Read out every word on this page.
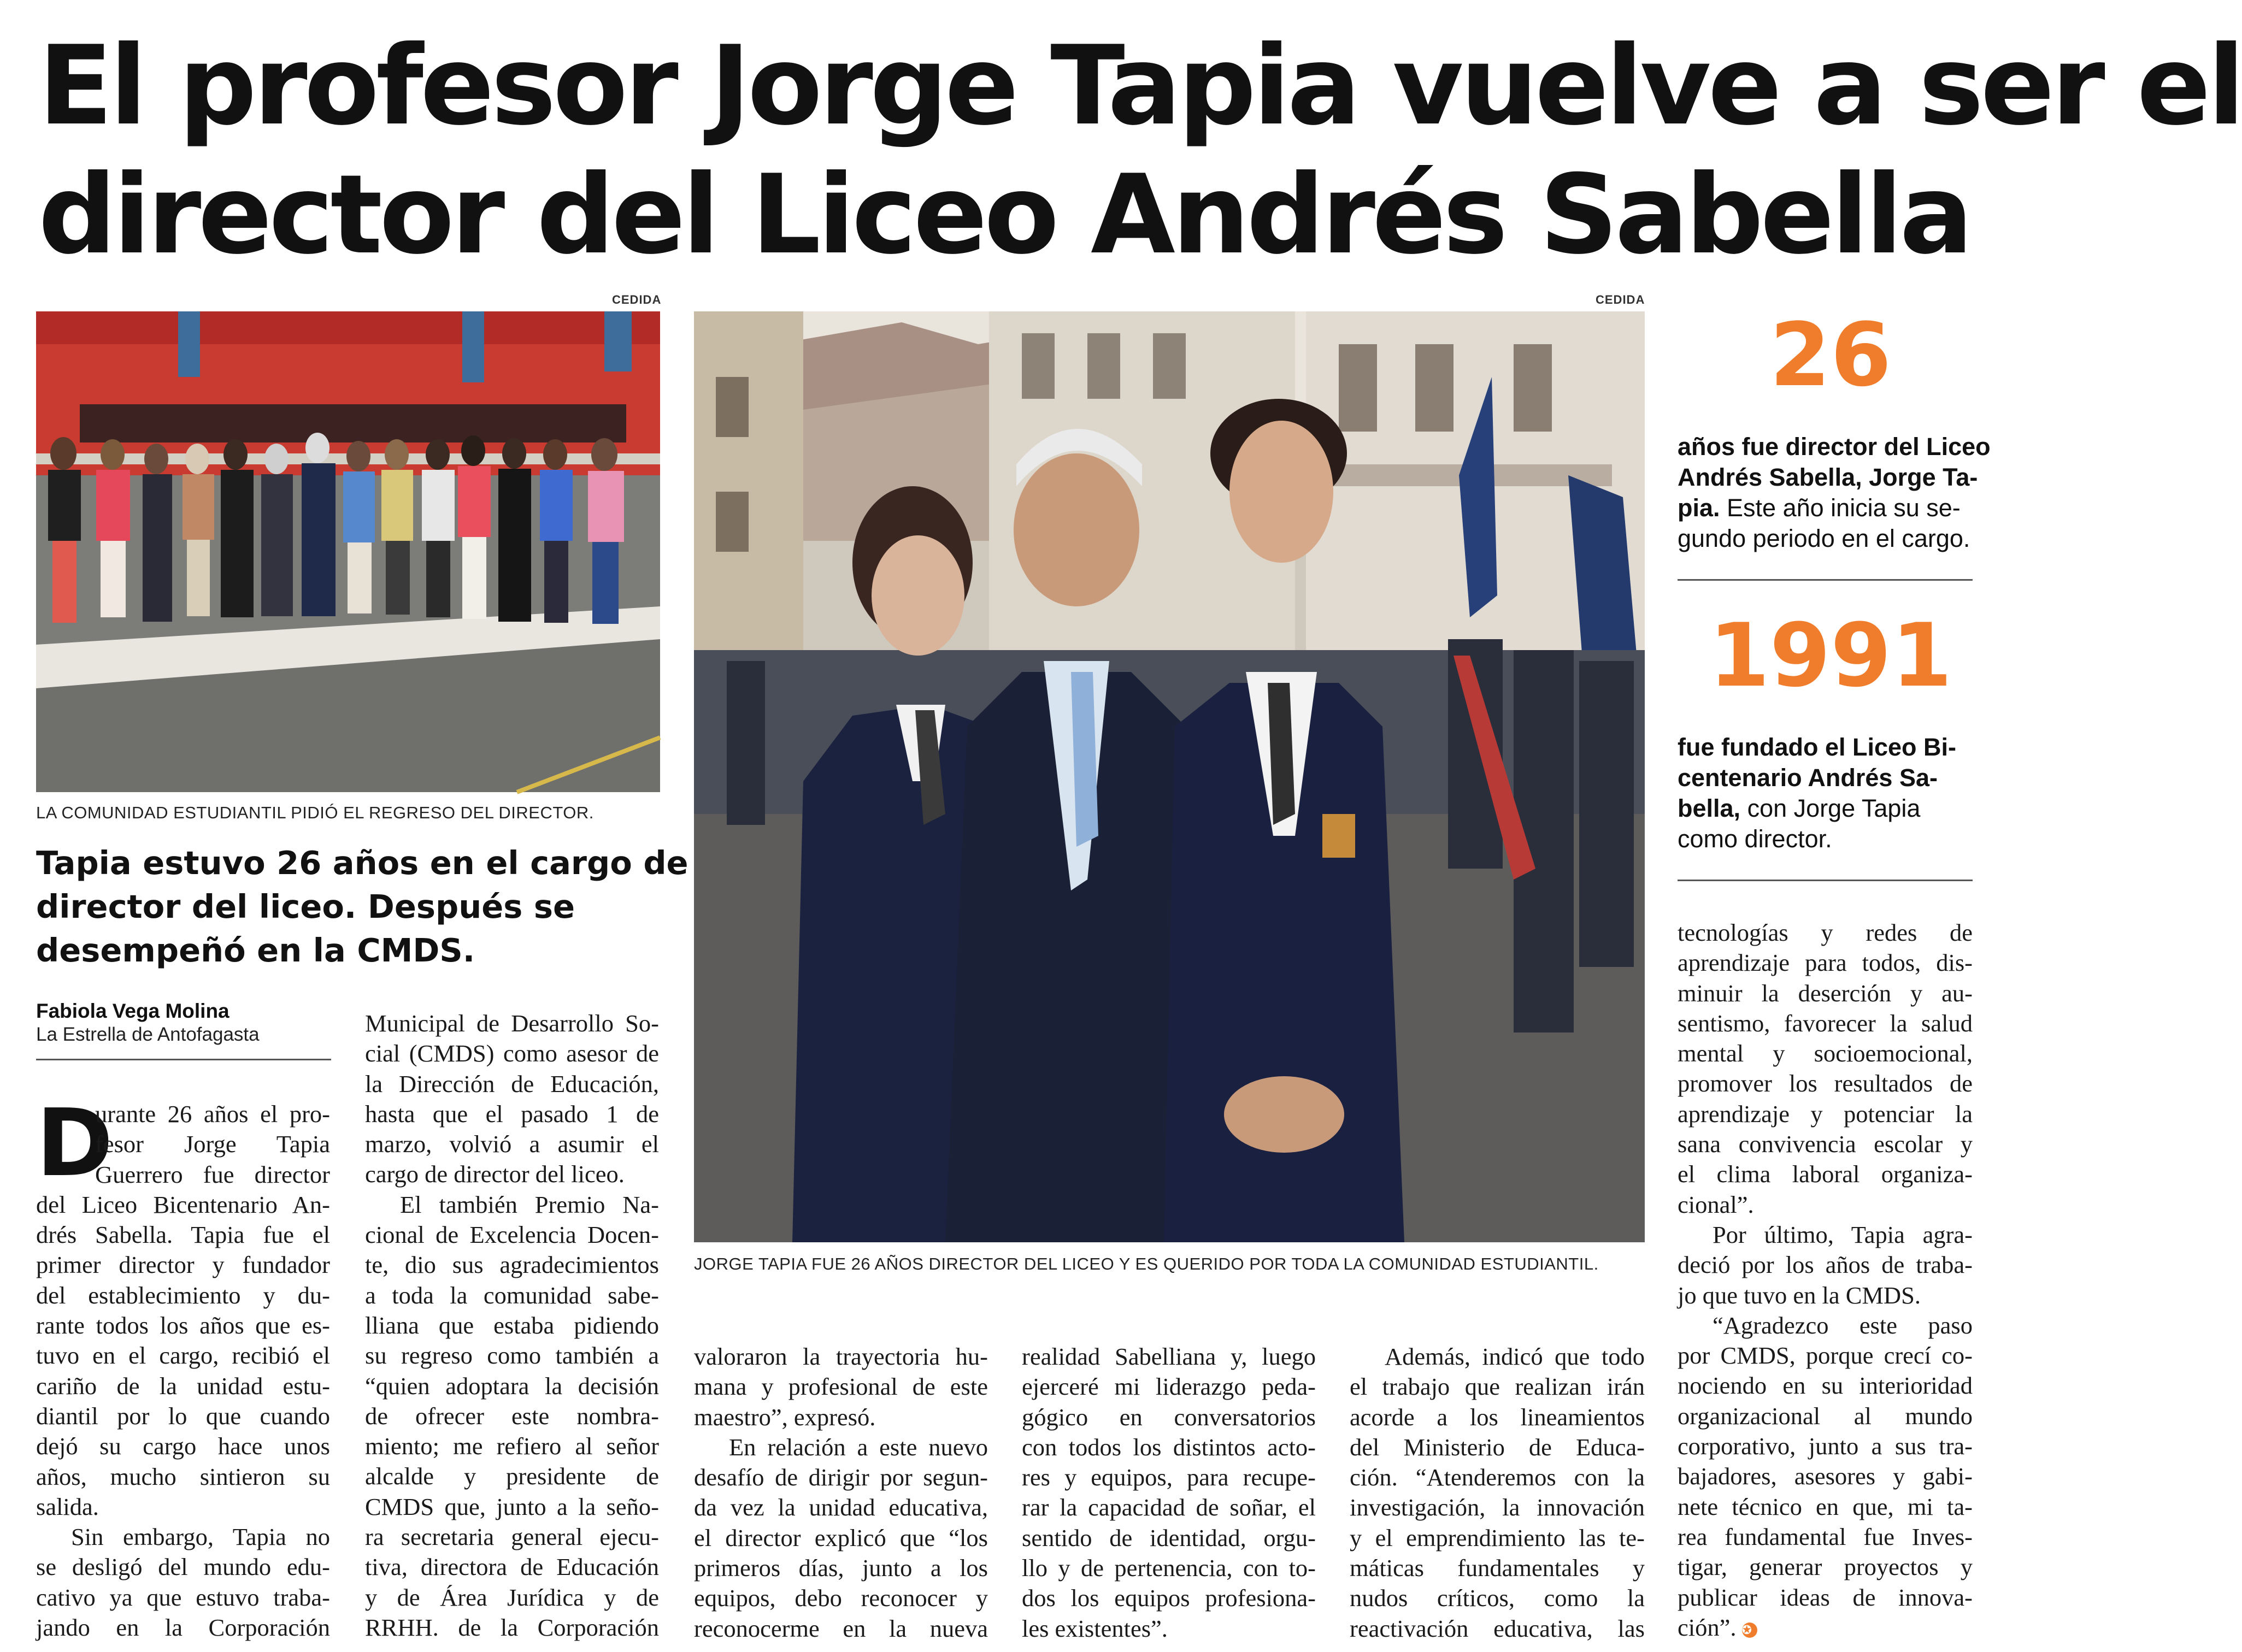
El profesor Jorge Tapia vuelve a ser el
director del Liceo Andrés Sabella
CEDIDA
LA COMUNIDAD ESTUDIANTIL PIDIÓ EL REGRESO DEL DIRECTOR.
CEDIDA
JORGE TAPIA FUE 26 AÑOS DIRECTOR DEL LICEO Y ES QUERIDO POR TODA LA COMUNIDAD ESTUDIANTIL.
Tapia estuvo 26 años en el cargo de
director del liceo. Después se
desempeñó en la CMDS.
Fabiola Vega Molina
La Estrella de Antofagasta
D
urante 26 años el pro-
fesor Jorge Tapia
Guerrero fue director
del Liceo Bicentenario An-
drés Sabella. Tapia fue el
primer director y fundador
del establecimiento y du-
rante todos los años que es-
tuvo en el cargo, recibió el
cariño de la unidad estu-
diantil por lo que cuando
dejó su cargo hace unos
años, mucho sintieron su
salida.
Sin embargo, Tapia no
se desligó del mundo edu-
cativo ya que estuvo traba-
jando en la Corporación
Municipal de Desarrollo So-
cial (CMDS) como asesor de
la Dirección de Educación,
hasta que el pasado 1 de
marzo, volvió a asumir el
cargo de director del liceo.
El también Premio Na-
cional de Excelencia Docen-
te, dio sus agradecimientos
a toda la comunidad sabe-
lliana que estaba pidiendo
su regreso como también a
“quien adoptara la decisión
de ofrecer este nombra-
miento; me refiero al señor
alcalde y presidente de
CMDS que, junto a la seño-
ra secretaria general ejecu-
tiva, directora de Educación
y de Área Jurídica y de
RRHH. de la Corporación
valoraron la trayectoria hu-
mana y profesional de este
maestro”, expresó.
En relación a este nuevo
desafío de dirigir por segun-
da vez la unidad educativa,
el director explicó que “los
primeros días, junto a los
equipos, debo reconocer y
reconocerme en la nueva
realidad Sabelliana y, luego
ejerceré mi liderazgo peda-
gógico en conversatorios
con todos los distintos acto-
res y equipos, para recupe-
rar la capacidad de soñar, el
sentido de identidad, orgu-
llo y de pertenencia, con to-
dos los equipos profesiona-
les existentes”.
Además, indicó que todo
el trabajo que realizan irán
acorde a los lineamientos
del Ministerio de Educa-
ción. “Atenderemos con la
investigación, la innovación
y el emprendimiento las te-
máticas fundamentales y
nudos críticos, como la
reactivación educativa, las
26
años fue director del Liceo
Andrés Sabella, Jorge Ta-
pia. Este año inicia su se-
gundo periodo en el cargo.
1991
fue fundado el Liceo Bi-
centenario Andrés Sa-
bella, con Jorge Tapia
como director.
tecnologías y redes de
aprendizaje para todos, dis-
minuir la deserción y au-
sentismo, favorecer la salud
mental y socioemocional,
promover los resultados de
aprendizaje y potenciar la
sana convivencia escolar y
el clima laboral organiza-
cional”.
Por último, Tapia agra-
deció por los años de traba-
jo que tuvo en la CMDS.
“Agradezco este paso
por CMDS, porque crecí co-
nociendo en su interioridad
organizacional al mundo
corporativo, junto a sus tra-
bajadores, asesores y gabi-
nete técnico en que, mi ta-
rea fundamental fue Inves-
tigar, generar proyectos y
publicar ideas de innova-
ción”. ✪
